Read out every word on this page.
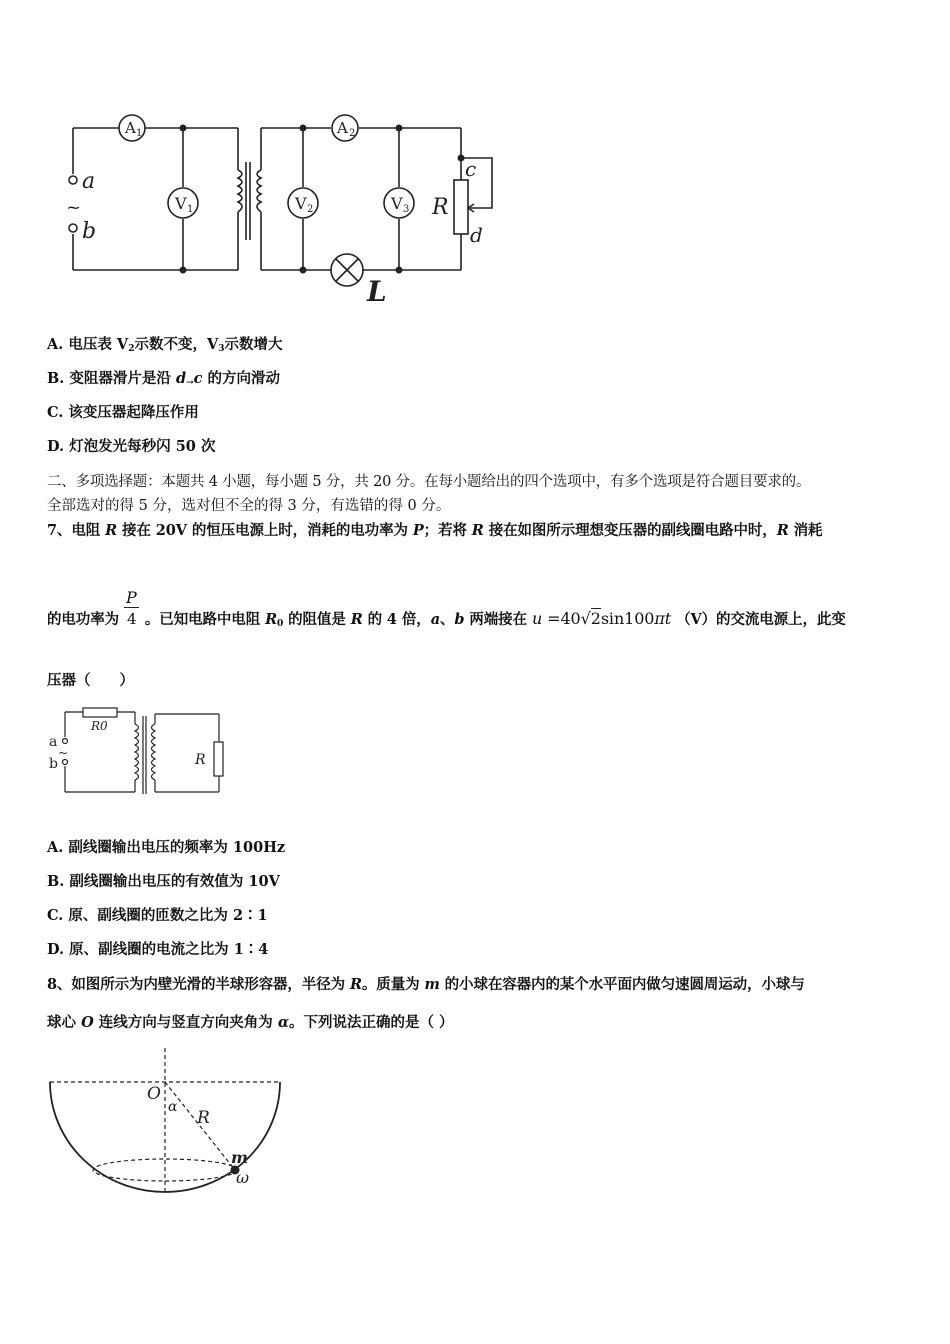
A 1	A 2
V 1	V 2	V 3
a
~
b
R
c
d
L
A. 电压表 $V_2$示数不变，$V_3$示数增大
B. 变阻器滑片是沿 $d_\to c$ 的方向滑动
C. 该变压器起降压作用
D. 灯泡发光每秒闪 50 次
二、多项选择题：本题共 4 小题，每小题 5 分，共 20 分。在每小题给出的四个选项中，有多个选项是符合题目要求的。
全部选对的得 5 分，选对但不全的得 3 分，有选错的得 0 分。
7、电阻 R 接在 20V 的恒压电源上时，消耗的电功率为 P；若将 R 接在如图所示理想变压器的副线圈电路中时，R 消耗
的电功率为 $\frac{P}{4}$ 。已知电路中电阻 $R_0$ 的阻值是 R 的 4 倍，a、b 两端接在 u =40√2sin100πt （V）的交流电源上，此变
压器（　　）
R0
a
~
b	R
A. 副线圈输出电压的频率为 100Hz
B. 副线圈输出电压的有效值为 10V
C. 原、副线圈的匝数之比为 2∶1
D. 原、副线圈的电流之比为 1∶4
8、如图所示为内壁光滑的半球形容器，半径为 R。质量为 m 的小球在容器内的某个水平面内做匀速圆周运动，小球与
球心 O 连线方向与竖直方向夹角为 α。下列说法正确的是（ ）
O
α
R
m
ω
